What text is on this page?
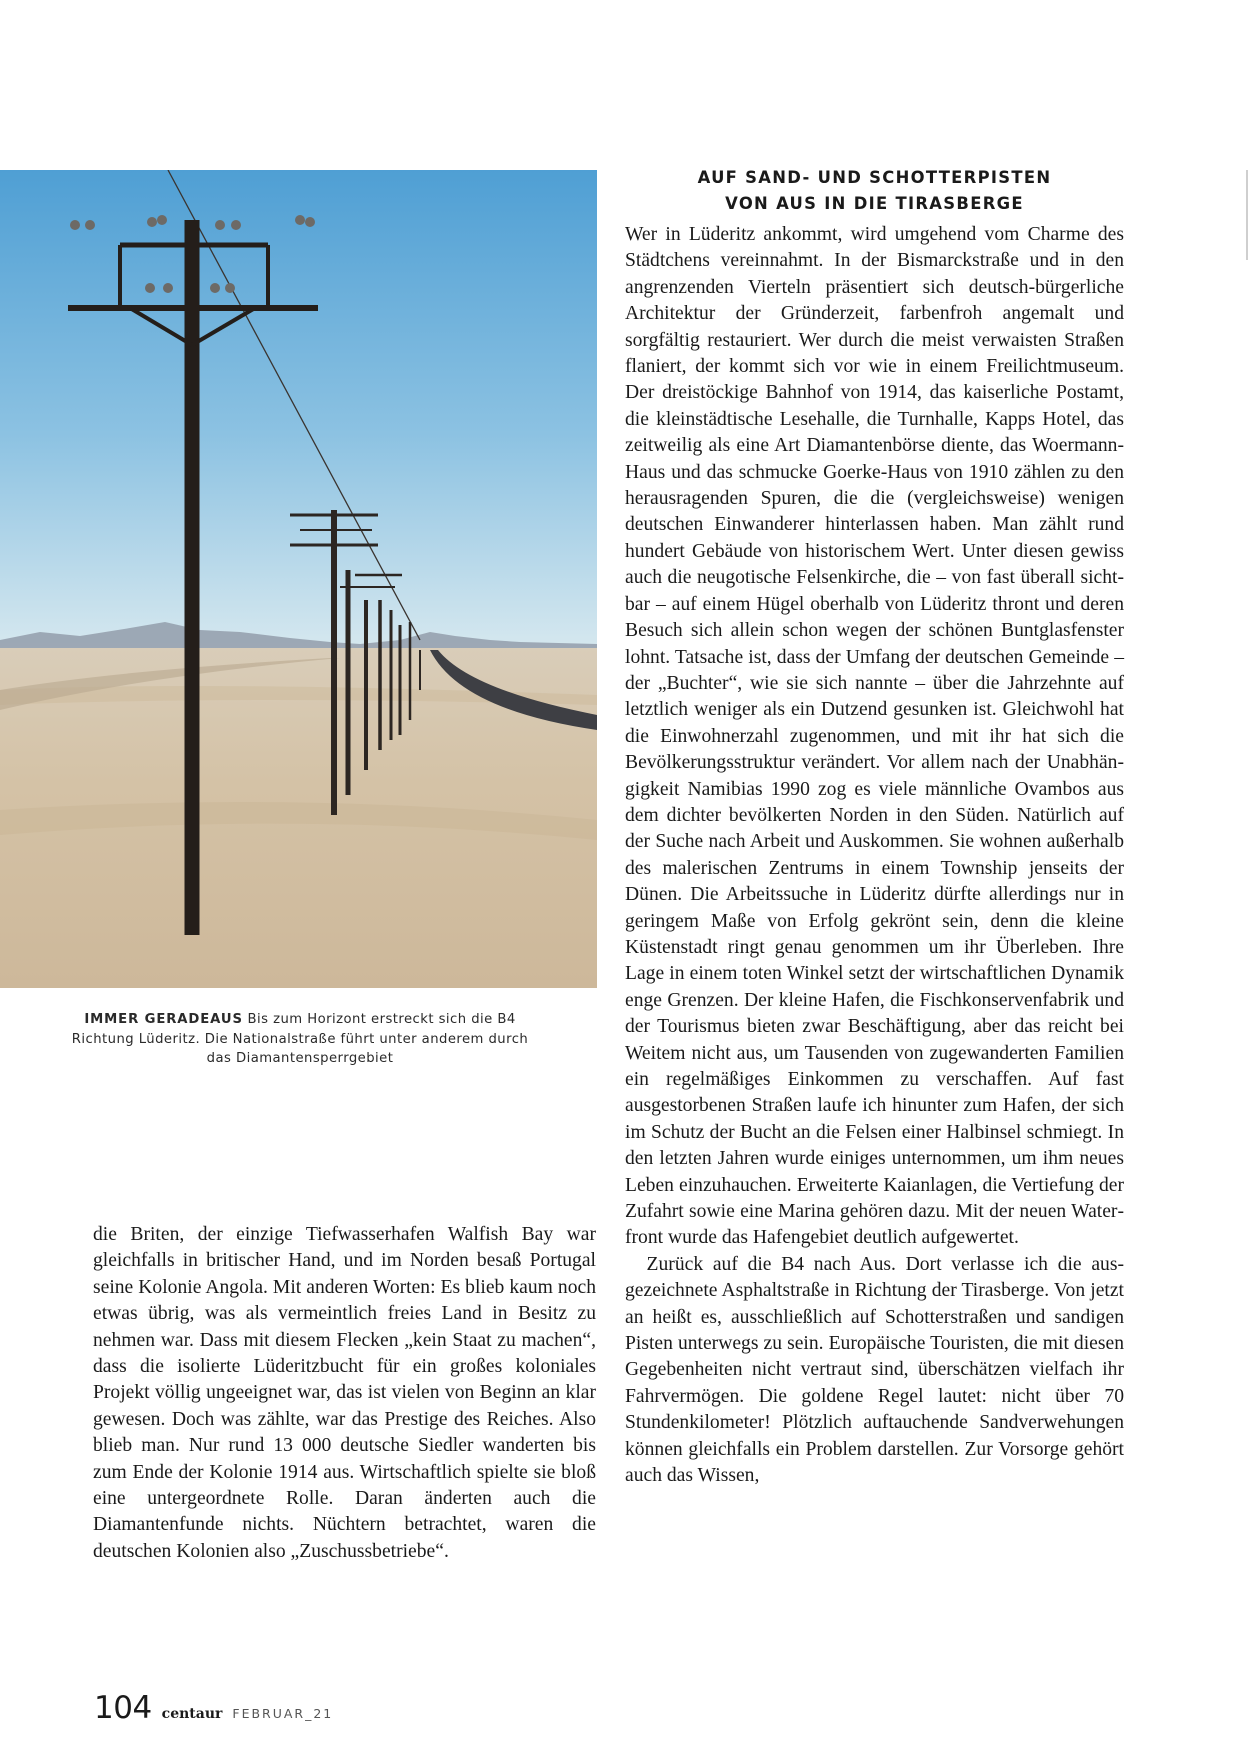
IMMER GERADEAUS Bis zum Horizont erstreckt sich die B4 Richtung Lüderitz. Die Nationalstraße führt unter anderem durch das Diamantensperrgebiet

die Briten, der einzige Tiefwasserhafen Walfish Bay war gleichfalls in britischer Hand, und im Norden besaß Portugal seine Kolonie Angola. Mit anderen Worten: Es blieb kaum noch etwas übrig, was als vermeintlich freies Land in Besitz zu nehmen war. Dass mit diesem Flecken „kein Staat zu machen“, dass die isolierte Lüderitzbucht für ein großes koloniales Projekt völlig ungeeignet war, das ist vielen von Beginn an klar gewesen. Doch was zählte, war das Prestige des Reiches. Also blieb man. Nur rund 13 000 deutsche Siedler wanderten bis zum Ende der Kolonie 1914 aus. Wirtschaftlich spielte sie bloß eine untergeordnete Rolle. Daran änderten auch die Diamantenfunde nichts. Nüchtern betrachtet, waren die deutschen Kolonien also „Zuschussbetriebe“.

AUF SAND- UND SCHOTTERPISTEN
VON AUS IN DIE TIRASBERGE

Wer in Lüderitz ankommt, wird umgehend vom Charme des Städtchens vereinnahmt. In der Bismarckstraße und in den angrenzenden Vierteln präsentiert sich deutsch-bürgerliche Architektur der Gründerzeit, farbenfroh angemalt und sorgfältig restauriert. Wer durch die meist verwaisten Straßen flaniert, der kommt sich vor wie in einem Freilichtmuseum. Der dreistöckige Bahnhof von 1914, das kaiserliche Postamt, die kleinstädtische Lesehalle, die Turnhalle, Kapps Hotel, das zeitweilig als eine Art Diamantenbörse diente, das Woermann-Haus und das schmucke Goerke-Haus von 1910 zählen zu den herausragenden Spuren, die die (vergleichsweise) wenigen deutschen Einwanderer hinterlassen haben. Man zählt rund hundert Gebäude von historischem Wert. Unter diesen gewiss auch die neugotische Felsenkirche, die – von fast überall sichtbar – auf einem Hügel oberhalb von Lüderitz thront und deren Besuch sich allein schon wegen der schönen Buntglasfenster lohnt. Tatsache ist, dass der Umfang der deutschen Gemeinde – der „Buchter“, wie sie sich nannte – über die Jahrzehnte auf letztlich weniger als ein Dutzend gesunken ist. Gleichwohl hat die Einwohnerzahl zugenommen, und mit ihr hat sich die Bevölkerungsstruktur verändert. Vor allem nach der Unabhängigkeit Namibias 1990 zog es viele männliche Ovambos aus dem dichter bevölkerten Norden in den Süden. Natürlich auf der Suche nach Arbeit und Auskommen. Sie wohnen außerhalb des malerischen Zentrums in einem Township jenseits der Dünen. Die Arbeitssuche in Lüderitz dürfte allerdings nur in geringem Maße von Erfolg gekrönt sein, denn die kleine Küstenstadt ringt genau genommen um ihr Überleben. Ihre Lage in einem toten Winkel setzt der wirtschaftlichen Dynamik enge Grenzen. Der kleine Hafen, die Fischkonservenfabrik und der Tourismus bieten zwar Beschäftigung, aber das reicht bei Weitem nicht aus, um Tausenden von zugewanderten Familien ein regelmäßiges Einkommen zu verschaffen. Auf fast ausgestorbenen Straßen laufe ich hinunter zum Hafen, der sich im Schutz der Bucht an die Felsen einer Halbinsel schmiegt. In den letzten Jahren wurde einiges unternommen, um ihm neues Leben einzuhauchen. Erweiterte Kaianlagen, die Vertiefung der Zufahrt sowie eine Marina gehören dazu. Mit der neuen Waterfront wurde das Hafengebiet deutlich aufgewertet.

Zurück auf die B4 nach Aus. Dort verlasse ich die ausgezeichnete Asphaltstraße in Richtung der Tirasberge. Von jetzt an heißt es, ausschließlich auf Schotterstraßen und sandigen Pisten unterwegs zu sein. Europäische Touristen, die mit diesen Gegebenheiten nicht vertraut sind, überschätzen vielfach ihr Fahrvermögen. Die goldene Regel lautet: nicht über 70 Stundenkilometer! Plötzlich auftauchende Sandverwehungen können gleichfalls ein Problem darstellen. Zur Vorsorge gehört auch das Wissen,

104 centaur FEBRUAR_21
